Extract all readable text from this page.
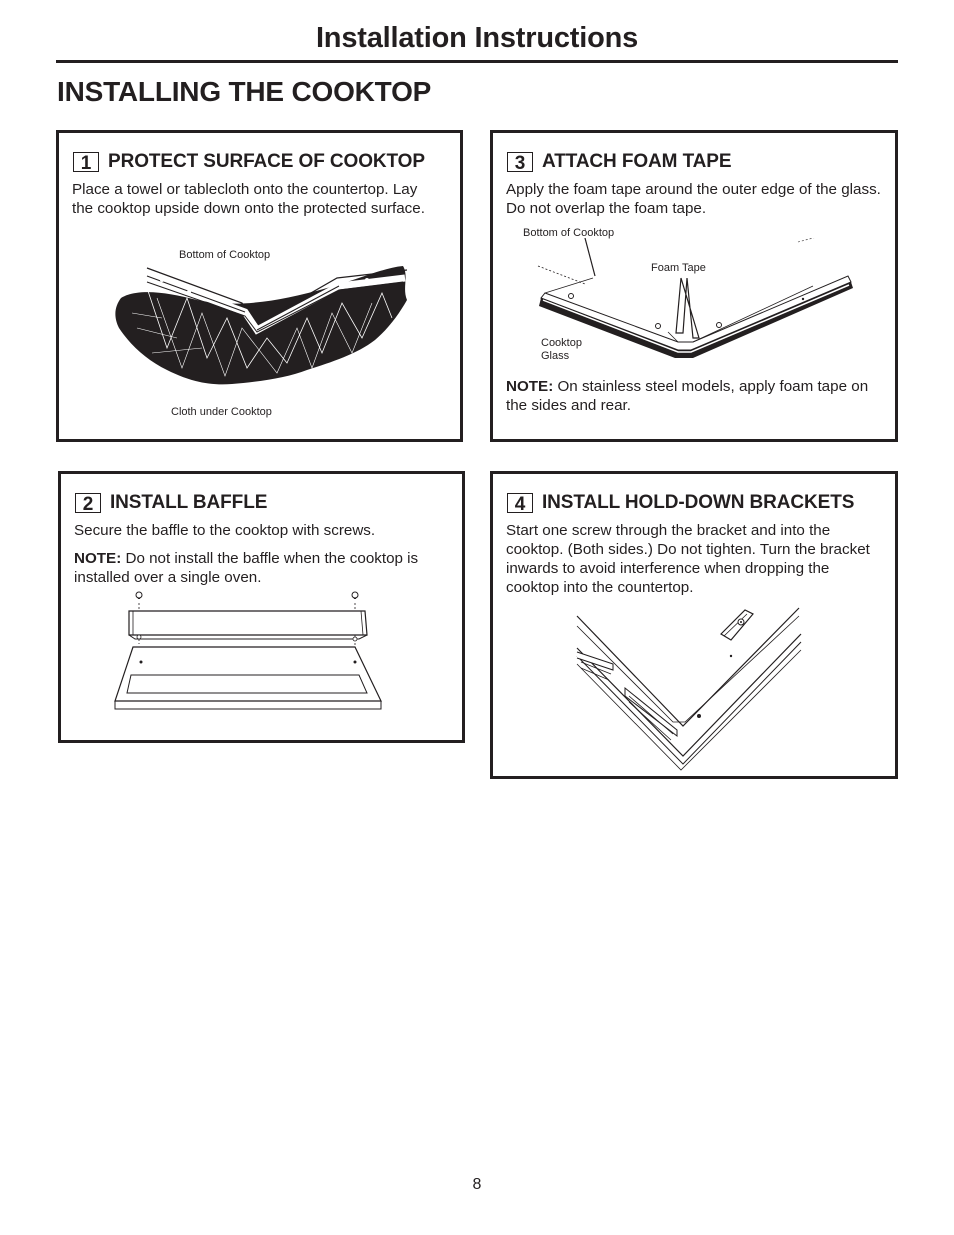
Installation Instructions
INSTALLING THE COOKTOP
1 PROTECT SURFACE OF COOKTOP
Place a towel or tablecloth onto the countertop. Lay the cooktop upside down onto the protected surface.
Bottom of Cooktop
Cloth under Cooktop
3 ATTACH FOAM TAPE
Apply the foam tape around the outer edge of the glass. Do not overlap the foam tape.
Bottom of Cooktop
Foam Tape
Cooktop
Glass
NOTE: On stainless steel models, apply foam tape on the sides and rear.
2 INSTALL BAFFLE
Secure the baffle to the cooktop with screws.
NOTE: Do not install the baffle when the cooktop is installed over a single oven.
4 INSTALL HOLD-DOWN BRACKETS
Start one screw through the bracket and into the cooktop. (Both sides.) Do not tighten. Turn the bracket inwards to avoid interference when dropping the cooktop into the countertop.
8
